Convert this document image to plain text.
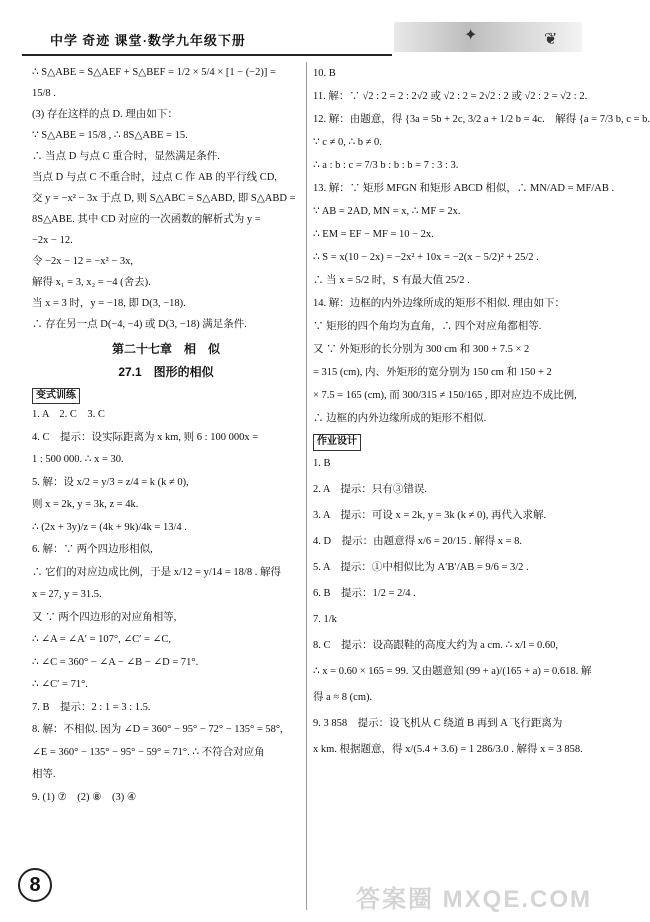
中学 奇迹 课堂·数学九年级下册	✦	❦
∴ S△ABE = S△AEF + S△BEF = 1/2 × 5/4 × [1 − (−2)] =
15/8 .
(3) 存在这样的点 D. 理由如下：
∵ S△ABE = 15/8 , ∴ 8S△ABE = 15.
∴ 当点 D 与点 C 重合时，显然满足条件.
当点 D 与点 C 不重合时，过点 C 作 AB 的平行线 CD,
交 y = −x² − 3x 于点 D, 则 S△ABC = S△ABD, 即 S△ABD =
8S△ABE. 其中 CD 对应的一次函数的解析式为 y =
−2x − 12.
令 −2x − 12 = −x² − 3x,
解得 x₁ = 3, x₂ = −4 (舍去).
当 x = 3 时，y = −18, 即 D(3, −18).
∴ 存在另一点 D(−4, −4) 或 D(3, −18) 满足条件.
第二十七章　相　似
27.1　图形的相似
变式训练
1. A　2. C　3. C
4. C　提示：设实际距离为 x km, 则 6 : 100 000x =
1 : 500 000. ∴ x = 30.
5. 解：设 x/2 = y/3 = z/4 = k (k ≠ 0),
则 x = 2k, y = 3k, z = 4k.
∴ (2x + 3y)/z = (4k + 9k)/4k = 13/4 .
6. 解：∵ 两个四边形相似,
∴ 它们的对应边成比例，于是 x/12 = y/14 = 18/8 . 解得
x = 27, y = 31.5.
又 ∵ 两个四边形的对应角相等,
∴ ∠A = ∠A′ = 107°, ∠C′ = ∠C,
∴ ∠C = 360° − ∠A − ∠B − ∠D = 71°.
∴ ∠C′ = 71°.
7. B　提示：2 : 1 = 3 : 1.5.
8. 解：不相似. 因为 ∠D = 360° − 95° − 72° − 135° = 58°,
∠E = 360° − 135° − 95° − 59° = 71°. ∴ 不符合对应角
相等.
9. (1) ⑦　(2) ⑧　(3) ④
10. B
11. 解：∵ √2 : 2 = 2 : 2√2 或 √2 : 2 = 2√2 : 2 或 √2 : 2 = √2 : 2.
12. 解：由题意，得 {3a = 5b + 2c, 3/2 a + 1/2 b = 4c.　解得 {a = 7/3 b, c = b.
∵ c ≠ 0, ∴ b ≠ 0.
∴ a : b : c = 7/3 b : b : b = 7 : 3 : 3.
13. 解：∵ 矩形 MFGN 和矩形 ABCD 相似，∴ MN/AD = MF/AB .
∵ AB = 2AD, MN = x, ∴ MF = 2x.
∴ EM = EF − MF = 10 − 2x.
∴ S = x(10 − 2x) = −2x² + 10x = −2(x − 5/2)² + 25/2 .
∴ 当 x = 5/2 时，S 有最大值 25/2 .
14. 解：边框的内外边缘所成的矩形不相似. 理由如下：
∵ 矩形的四个角均为直角，∴ 四个对应角都相等.
又 ∵ 外矩形的长分别为 300 cm 和 300 + 7.5 × 2
= 315 (cm), 内、外矩形的宽分别为 150 cm 和 150 + 2
× 7.5 = 165 (cm), 而 300/315 ≠ 150/165 , 即对应边不成比例,
∴ 边框的内外边缘所成的矩形不相似.
作业设计
1. B
2. A　提示：只有③错误.
3. A　提示：可设 x = 2k, y = 3k (k ≠ 0), 再代入求解.
4. D　提示：由题意得 x/6 = 20/15 . 解得 x = 8.
5. A　提示：①中相似比为 A′B′/AB = 9/6 = 3/2 .
6. B　提示：1/2 = 2/4 .
7. 1/k
8. C　提示：设高跟鞋的高度大约为 a cm. ∴ x/l = 0.60,
∴ x = 0.60 × 165 = 99. 又由题意知 (99 + a)/(165 + a) = 0.618. 解
得 a ≈ 8 (cm).
9. 3 858　提示：设飞机从 C 绕道 B 再到 A 飞行距离为
x km. 根据题意，得 x/(5.4 + 3.6) = 1 286/3.0 . 解得 x = 3 858.
8
答案圈 MXQE.COM
